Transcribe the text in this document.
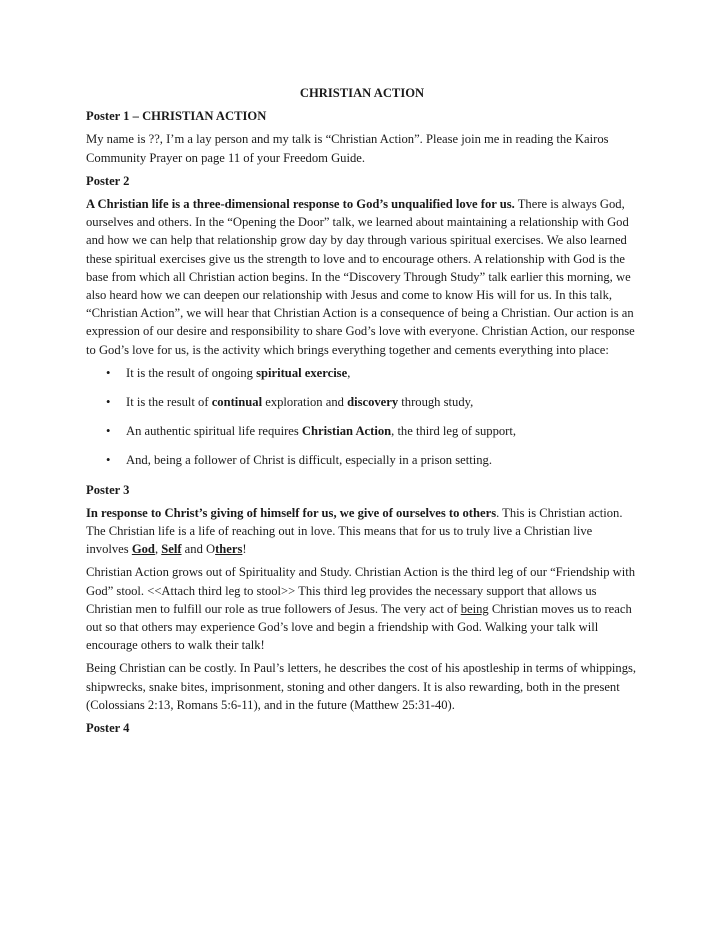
CHRISTIAN ACTION
Poster 1 – CHRISTIAN ACTION

My name is ??, I’m a lay person and my talk is “Christian Action”. Please join me in reading the Kairos Community Prayer on page 11 of your Freedom Guide.

Poster 2

A Christian life is a three-dimensional response to God’s unqualified love for us. There is always God, ourselves and others. In the “Opening the Door” talk, we learned about maintaining a relationship with God and how we can help that relationship grow day by day through various spiritual exercises. We also learned these spiritual exercises give us the strength to love and to encourage others. A relationship with God is the base from which all Christian action begins. In the “Discovery Through Study” talk earlier this morning, we also heard how we can deepen our relationship with Jesus and come to know His will for us. In this talk, “Christian Action”, we will hear that Christian Action is a consequence of being a Christian. Our action is an expression of our desire and responsibility to share God’s love with everyone. Christian Action, our response to God’s love for us, is the activity which brings everything together and cements everything into place:

• It is the result of ongoing spiritual exercise,
• It is the result of continual exploration and discovery through study,
• An authentic spiritual life requires Christian Action, the third leg of support,
• And, being a follower of Christ is difficult, especially in a prison setting.
Poster 3

In response to Christ’s giving of himself for us, we give of ourselves to others. This is Christian action. The Christian life is a life of reaching out in love. This means that for us to truly live a Christian live involves God, Self and Others!

Christian Action grows out of Spirituality and Study. Christian Action is the third leg of our “Friendship with God” stool. <<Attach third leg to stool>> This third leg provides the necessary support that allows us Christian men to fulfill our role as true followers of Jesus. The very act of being Christian moves us to reach out so that others may experience God’s love and begin a friendship with God. Walking your talk will encourage others to walk their talk!

Being Christian can be costly. In Paul’s letters, he describes the cost of his apostleship in terms of whippings, shipwrecks, snake bites, imprisonment, stoning and other dangers. It is also rewarding, both in the present (Colossians 2:13, Romans 5:6-11), and in the future (Matthew 25:31-40).

Poster 4
